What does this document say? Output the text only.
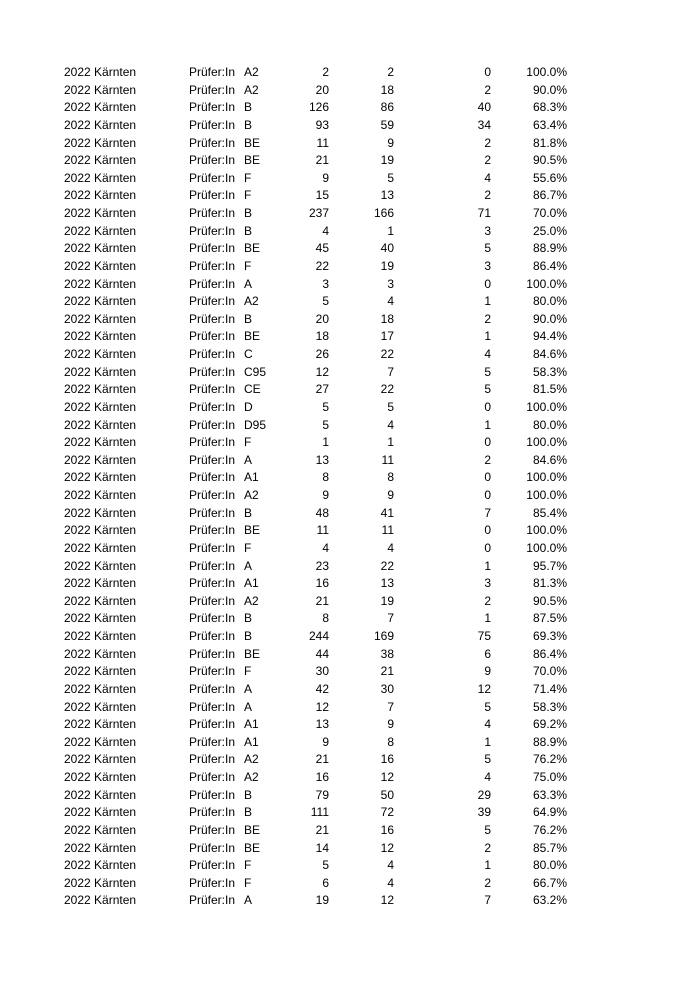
2022 Kärnten	Prüfer:In A2	2	2	0	100.0%
2022 Kärnten	Prüfer:In A2	20	18	2	90.0%
2022 Kärnten	Prüfer:In B	126	86	40	68.3%
2022 Kärnten	Prüfer:In B	93	59	34	63.4%
2022 Kärnten	Prüfer:In BE	11	9	2	81.8%
2022 Kärnten	Prüfer:In BE	21	19	2	90.5%
2022 Kärnten	Prüfer:In F	9	5	4	55.6%
2022 Kärnten	Prüfer:In F	15	13	2	86.7%
2022 Kärnten	Prüfer:In B	237	166	71	70.0%
2022 Kärnten	Prüfer:In B	4	1	3	25.0%
2022 Kärnten	Prüfer:In BE	45	40	5	88.9%
2022 Kärnten	Prüfer:In F	22	19	3	86.4%
2022 Kärnten	Prüfer:In A	3	3	0	100.0%
2022 Kärnten	Prüfer:In A2	5	4	1	80.0%
2022 Kärnten	Prüfer:In B	20	18	2	90.0%
2022 Kärnten	Prüfer:In BE	18	17	1	94.4%
2022 Kärnten	Prüfer:In C	26	22	4	84.6%
2022 Kärnten	Prüfer:In C95	12	7	5	58.3%
2022 Kärnten	Prüfer:In CE	27	22	5	81.5%
2022 Kärnten	Prüfer:In D	5	5	0	100.0%
2022 Kärnten	Prüfer:In D95	5	4	1	80.0%
2022 Kärnten	Prüfer:In F	1	1	0	100.0%
2022 Kärnten	Prüfer:In A	13	11	2	84.6%
2022 Kärnten	Prüfer:In A1	8	8	0	100.0%
2022 Kärnten	Prüfer:In A2	9	9	0	100.0%
2022 Kärnten	Prüfer:In B	48	41	7	85.4%
2022 Kärnten	Prüfer:In BE	11	11	0	100.0%
2022 Kärnten	Prüfer:In F	4	4	0	100.0%
2022 Kärnten	Prüfer:In A	23	22	1	95.7%
2022 Kärnten	Prüfer:In A1	16	13	3	81.3%
2022 Kärnten	Prüfer:In A2	21	19	2	90.5%
2022 Kärnten	Prüfer:In B	8	7	1	87.5%
2022 Kärnten	Prüfer:In B	244	169	75	69.3%
2022 Kärnten	Prüfer:In BE	44	38	6	86.4%
2022 Kärnten	Prüfer:In F	30	21	9	70.0%
2022 Kärnten	Prüfer:In A	42	30	12	71.4%
2022 Kärnten	Prüfer:In A	12	7	5	58.3%
2022 Kärnten	Prüfer:In A1	13	9	4	69.2%
2022 Kärnten	Prüfer:In A1	9	8	1	88.9%
2022 Kärnten	Prüfer:In A2	21	16	5	76.2%
2022 Kärnten	Prüfer:In A2	16	12	4	75.0%
2022 Kärnten	Prüfer:In B	79	50	29	63.3%
2022 Kärnten	Prüfer:In B	111	72	39	64.9%
2022 Kärnten	Prüfer:In BE	21	16	5	76.2%
2022 Kärnten	Prüfer:In BE	14	12	2	85.7%
2022 Kärnten	Prüfer:In F	5	4	1	80.0%
2022 Kärnten	Prüfer:In F	6	4	2	66.7%
2022 Kärnten	Prüfer:In A	19	12	7	63.2%
